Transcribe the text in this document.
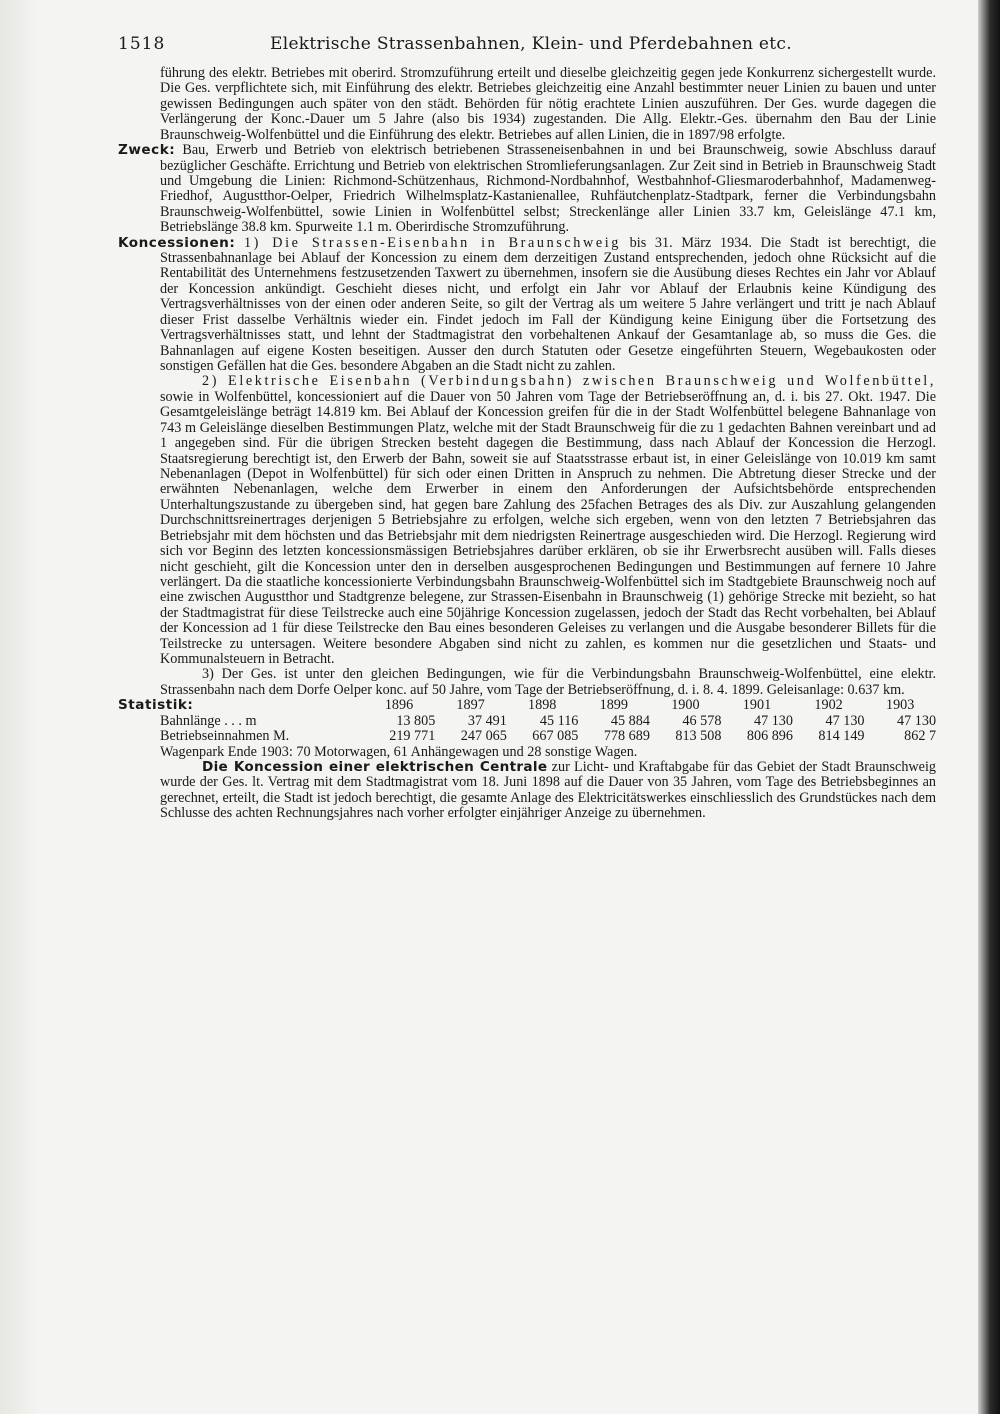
1518	Elektrische Strassenbahnen, Klein- und Pferdebahnen etc.

führung des elektr. Betriebes mit oberird. Stromzuführung erteilt und dieselbe gleichzeitig gegen jede Konkurrenz sichergestellt wurde. Die Ges. verpflichtete sich, mit Einführung des elektr. Betriebes gleichzeitig eine Anzahl bestimmter neuer Linien zu bauen und unter gewissen Bedingungen auch später von den städt. Behörden für nötig erachtete Linien auszuführen. Der Ges. wurde dagegen die Verlängerung der Konc.-Dauer um 5 Jahre (also bis 1934) zugestanden. Die Allg. Elektr.-Ges. übernahm den Bau der Linie Braunschweig-Wolfenbüttel und die Einführung des elektr. Betriebes auf allen Linien, die in 1897/98 erfolgte.

Zweck: Bau, Erwerb und Betrieb von elektrisch betriebenen Strasseneisenbahnen in und bei Braunschweig, sowie Abschluss darauf bezüglicher Geschäfte. Errichtung und Betrieb von elektrischen Stromlieferungsanlagen. Zur Zeit sind in Betrieb in Braunschweig Stadt und Umgebung die Linien: Richmond-Schützenhaus, Richmond-Nordbahnhof, Westbahnhof-Gliesmaroderbahnhof, Madamenweg-Friedhof, Augustthor-Oelper, Friedrich Wilhelmsplatz-Kastanienallee, Ruhfäutchenplatz-Stadtpark, ferner die Verbindungsbahn Braunschweig-Wolfenbüttel, sowie Linien in Wolfenbüttel selbst; Streckenlänge aller Linien 33.7 km, Geleislänge 47.1 km, Betriebslänge 38.8 km. Spurweite 1.1 m. Oberirdische Stromzuführung.

Koncessionen: 1) Die Strassen-Eisenbahn in Braunschweig bis 31. März 1934. Die Stadt ist berechtigt, die Strassenbahnanlage bei Ablauf der Koncession zu einem dem derzeitigen Zustand entsprechenden, jedoch ohne Rücksicht auf die Rentabilität des Unternehmens festzusetzenden Taxwert zu übernehmen, insofern sie die Ausübung dieses Rechtes ein Jahr vor Ablauf der Koncession ankündigt. Geschieht dieses nicht, und erfolgt ein Jahr vor Ablauf der Erlaubnis keine Kündigung des Vertragsverhältnisses von der einen oder anderen Seite, so gilt der Vertrag als um weitere 5 Jahre verlängert und tritt je nach Ablauf dieser Frist dasselbe Verhältnis wieder ein. Findet jedoch im Fall der Kündigung keine Einigung über die Fortsetzung des Vertragsverhältnisses statt, und lehnt der Stadtmagistrat den vorbehaltenen Ankauf der Gesamtanlage ab, so muss die Ges. die Bahnanlagen auf eigene Kosten beseitigen. Ausser den durch Statuten oder Gesetze eingeführten Steuern, Wegebaukosten oder sonstigen Gefällen hat die Ges. besondere Abgaben an die Stadt nicht zu zahlen.

2) Elektrische Eisenbahn (Verbindungsbahn) zwischen Braunschweig und Wolfenbüttel, sowie in Wolfenbüttel, koncessioniert auf die Dauer von 50 Jahren vom Tage der Betriebseröffnung an, d. i. bis 27. Okt. 1947. Die Gesamtgeleislänge beträgt 14.819 km. Bei Ablauf der Koncession greifen für die in der Stadt Wolfenbüttel belegene Bahnanlage von 743 m Geleislänge dieselben Bestimmungen Platz, welche mit der Stadt Braunschweig für die zu 1 gedachten Bahnen vereinbart und ad 1 angegeben sind. Für die übrigen Strecken besteht dagegen die Bestimmung, dass nach Ablauf der Koncession die Herzogl. Staatsregierung berechtigt ist, den Erwerb der Bahn, soweit sie auf Staatsstrasse erbaut ist, in einer Geleislänge von 10.019 km samt Nebenanlagen (Depot in Wolfenbüttel) für sich oder einen Dritten in Anspruch zu nehmen. Die Abtretung dieser Strecke und der erwähnten Nebenanlagen, welche dem Erwerber in einem den Anforderungen der Aufsichtsbehörde entsprechenden Unterhaltungszustande zu übergeben sind, hat gegen bare Zahlung des 25fachen Betrages des als Div. zur Auszahlung gelangenden Durchschnittsreinertrages derjenigen 5 Betriebsjahre zu erfolgen, welche sich ergeben, wenn von den letzten 7 Betriebsjahren das Betriebsjahr mit dem höchsten und das Betriebsjahr mit dem niedrigsten Reinertrage ausgeschieden wird. Die Herzogl. Regierung wird sich vor Beginn des letzten koncessionsmässigen Betriebsjahres darüber erklären, ob sie ihr Erwerbsrecht ausüben will. Falls dieses nicht geschieht, gilt die Koncession unter den in derselben ausgesprochenen Bedingungen und Bestimmungen auf fernere 10 Jahre verlängert. Da die staatliche koncessionierte Verbindungsbahn Braunschweig-Wolfenbüttel sich im Stadtgebiete Braunschweig noch auf eine zwischen Augustthor und Stadtgrenze belegene, zur Strassen-Eisenbahn in Braunschweig (1) gehörige Strecke mit bezieht, so hat der Stadtmagistrat für diese Teilstrecke auch eine 50jährige Koncession zugelassen, jedoch der Stadt das Recht vorbehalten, bei Ablauf der Koncession ad 1 für diese Teilstrecke den Bau eines besonderen Geleises zu verlangen und die Ausgabe besonderer Billets für die Teilstrecke zu untersagen. Weitere besondere Abgaben sind nicht zu zahlen, es kommen nur die gesetzlichen und Staats- und Kommunalsteuern in Betracht.

3) Der Ges. ist unter den gleichen Bedingungen, wie für die Verbindungsbahn Braunschweig-Wolfenbüttel, eine elektr. Strassenbahn nach dem Dorfe Oelper konc. auf 50 Jahre, vom Tage der Betriebseröffnung, d. i. 8. 4. 1899. Geleisanlage: 0.637 km.

Statistik:	1896	1897	1898	1899	1900	1901	1902	1903
Bahnlänge . . . m	13 805	37 491	45 116	45 884	46 578	47 130	47 130	47 130
Betriebseinnahmen M.	219 771	247 065	667 085	778 689	813 508	806 896	814 149	862 7

Wagenpark Ende 1903: 70 Motorwagen, 61 Anhängewagen und 28 sonstige Wagen.

Die Koncession einer elektrischen Centrale zur Licht- und Kraftabgabe für das Gebiet der Stadt Braunschweig wurde der Ges. lt. Vertrag mit dem Stadtmagistrat vom 18. Juni 1898 auf die Dauer von 35 Jahren, vom Tage des Betriebsbeginnes an gerechnet, erteilt, die Stadt ist jedoch berechtigt, die gesamte Anlage des Elektricitätswerkes einschliesslich des Grundstückes nach dem Schlusse des achten Rechnungsjahres nach vorher erfolgter einjähriger Anzeige zu übernehmen.
